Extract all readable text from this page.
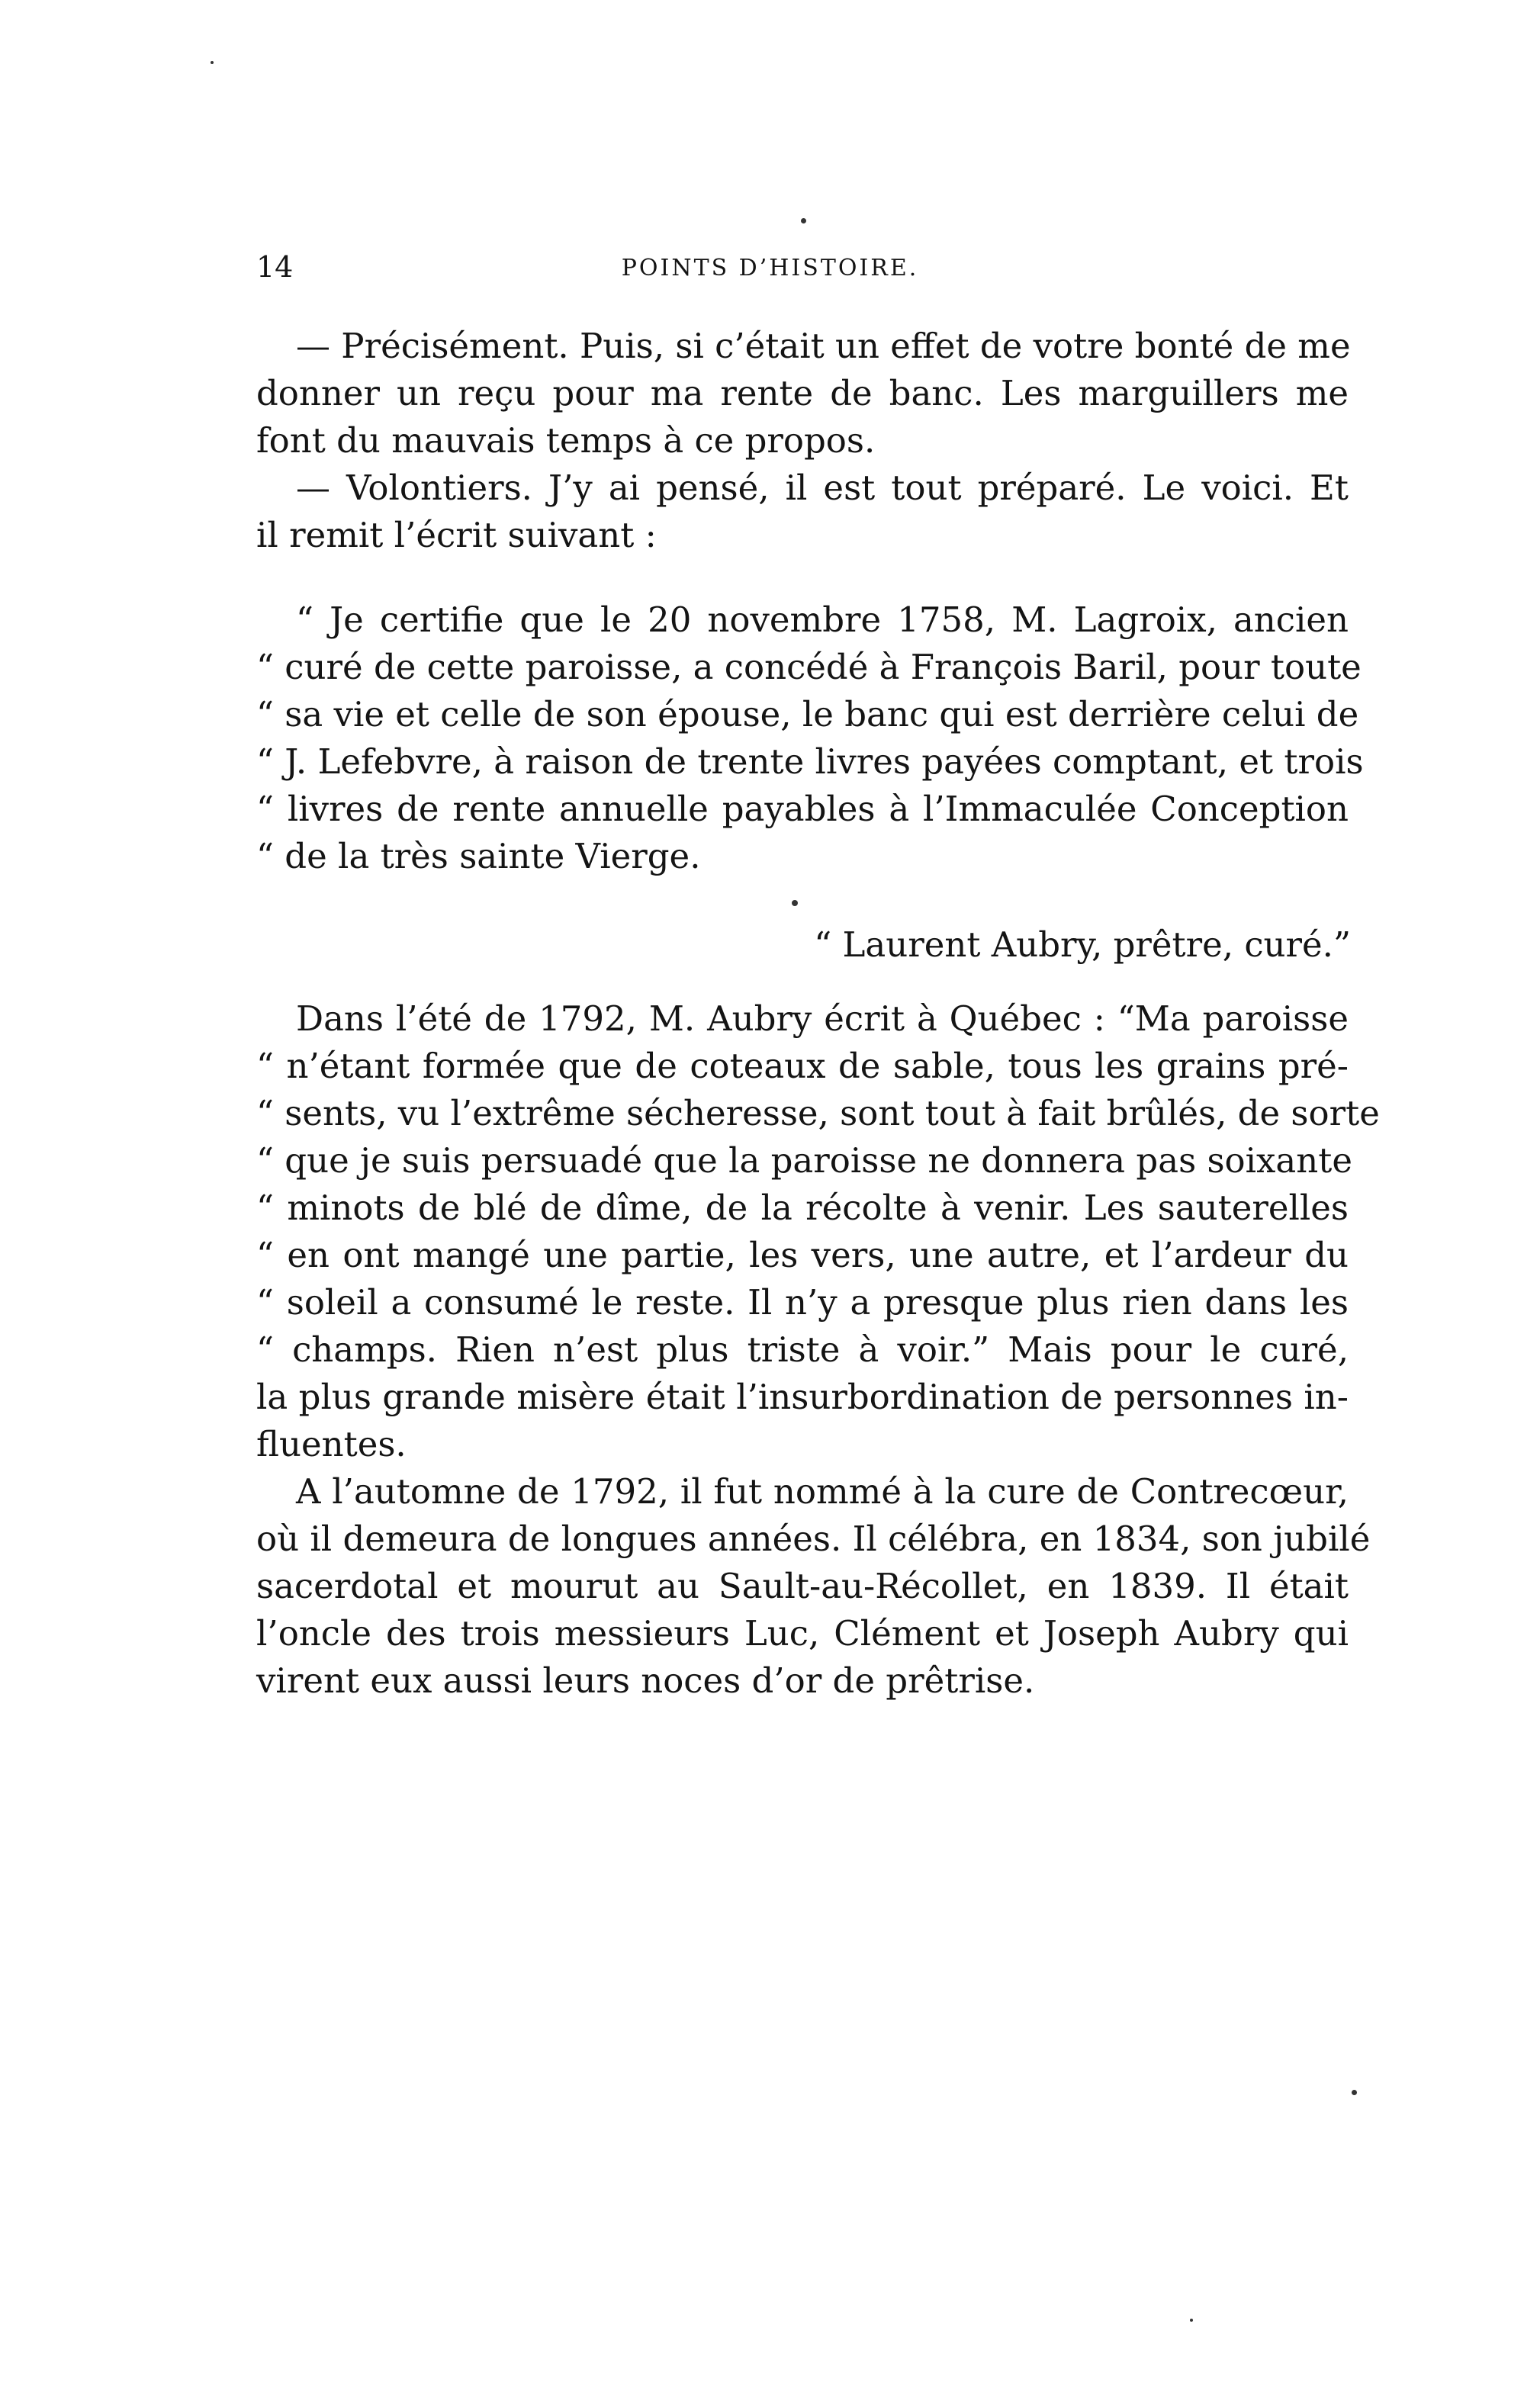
14	POINTS D’HISTOIRE.
— Précisément. Puis, si c’était un effet de votre bonté de me
donner un reçu pour ma rente de banc. Les marguillers me
font du mauvais temps à ce propos.
— Volontiers. J’y ai pensé, il est tout préparé. Le voici. Et
il remit l’écrit suivant :
“ Je certifie que le 20 novembre 1758, M. Lagroix, ancien
“ curé de cette paroisse, a concédé à François Baril, pour toute
“ sa vie et celle de son épouse, le banc qui est derrière celui de
“ J. Lefebvre, à raison de trente livres payées comptant, et trois
“ livres de rente annuelle payables à l’Immaculée Conception
“ de la très sainte Vierge.
“ Laurent Aubry, prêtre, curé.”
Dans l’été de 1792, M. Aubry écrit à Québec : “Ma paroisse
“ n’étant formée que de coteaux de sable, tous les grains pré-
“ sents, vu l’extrême sécheresse, sont tout à fait brûlés, de sorte
“ que je suis persuadé que la paroisse ne donnera pas soixante
“ minots de blé de dîme, de la récolte à venir. Les sauterelles
“ en ont mangé une partie, les vers, une autre, et l’ardeur du
“ soleil a consumé le reste. Il n’y a presque plus rien dans les
“ champs. Rien n’est plus triste à voir.” Mais pour le curé,
la plus grande misère était l’insurbordination de personnes in-
fluentes.
A l’automne de 1792, il fut nommé à la cure de Contrecœur,
où il demeura de longues années. Il célébra, en 1834, son jubilé
sacerdotal et mourut au Sault-au-Récollet, en 1839. Il était
l’oncle des trois messieurs Luc, Clément et Joseph Aubry qui
virent eux aussi leurs noces d’or de prêtrise.
